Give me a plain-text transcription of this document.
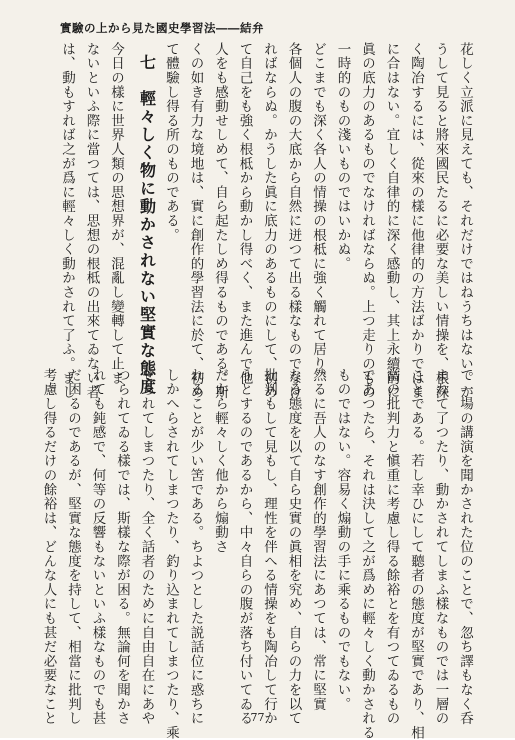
實驗の上から見た國史學習法――結弁
花しく立派に見えても、それだけではねうちはない。か
うして見ると將來國民たるに必要な美しい情操を、根深
く陶冶するには、從來の樣に他律的の方法ばかりではま
に合はない。宜しく自律的に深く感動し、其上永續的に
眞の底力のあるものでなければならぬ。上つ走りのもの
一時的のもの淺いものではいかぬ。
どこまでも深く各人の情操の根柢に強く觸れて居り、
各個人の腹の大底から自然に迸つて出る樣なものでなけ
ればならぬ。かうした眞に底力のあるものにして、初め
て自己をも強く根柢から動かし得べく、また進んで他
人をも感動せしめて、自ら起たしめ得るものである。斯
くの如き有力な境地は、實に創作的學習法に於て、初め
て體驗し得る所のものである。
七　輕々しく物に動かされない堅實な態度
今日の樣に世界人類の思想界が、混亂し變轉して止ま
ないといふ際に當つては、思想の根柢の出來てゐない者
は、動もすれば之が爲に輕々しく動かされて了ふ。まし
て一場の講演を聞かされた位のことで、忽ち譯もなく呑
まれて了つたり、動かされてしまふ樣なものでは一層の
ことである。若し幸ひにして聽者の態度が堅實であり、相
當の批判力と愼重に考慮し得る餘裕とを有つてゐるもの
であつたら、それは決して之が爲めに輕々しく動かされる
ものではない。容易く煽動の手に乘るものでもない。
然るに吾人のなす創作的學習法にあつては、常に堅實
なる態度を以て自ら史實の眞相を究め、自らの力を以て
批判もして見もし、理性を伴へる情操をも陶冶して行か
うとするのであるから、中々自らの腹が落ち付いてゐる
だから輕々しく他から煽動さ
れることが少い筈である。ちよつとした説話位に惑ちに
しかへらされてしまつたり、釣り込まれてしまつたり、乘
せられてしまつたり、全く話者のために自由自在にあや
つられてゐる樣では、斯樣な際が困る。無論何を聞かさ
れても鈍感で、何等の反響もないといふ樣なものでも甚
だ困るのであるが、堅實な態度を持して、相當に批判し
考慮し得るだけの餘裕は、どんな人にも甚だ必要なこと	77
